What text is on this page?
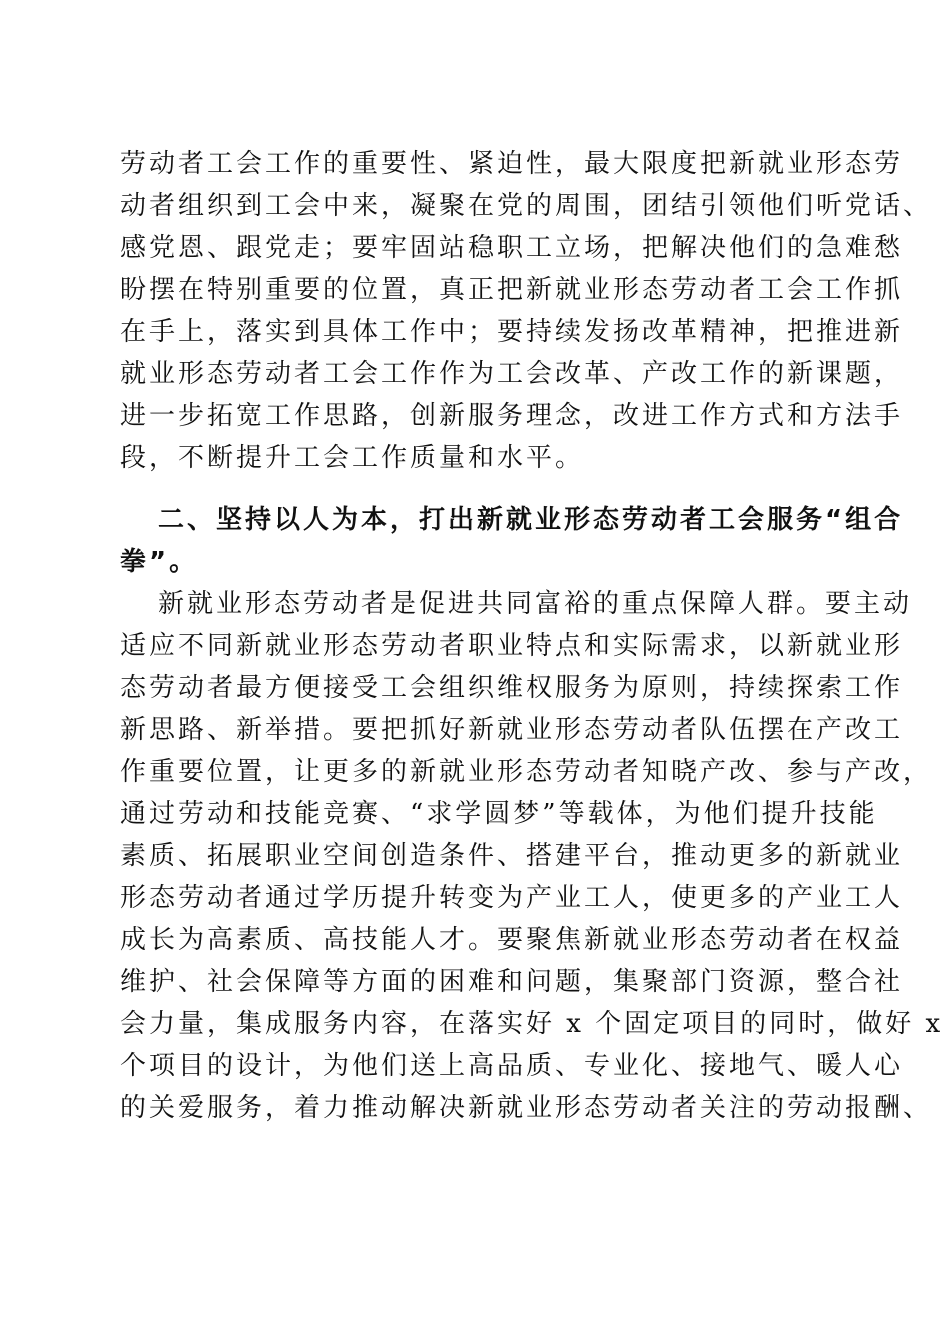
劳动者工会工作的重要性、紧迫性，最大限度把新就业形态劳
动者组织到工会中来，凝聚在党的周围，团结引领他们听党话、
感党恩、跟党走；要牢固站稳职工立场，把解决他们的急难愁
盼摆在特别重要的位置，真正把新就业形态劳动者工会工作抓
在手上，落实到具体工作中；要持续发扬改革精神，把推进新
就业形态劳动者工会工作作为工会改革、产改工作的新课题，
进一步拓宽工作思路，创新服务理念，改进工作方式和方法手
段，不断提升工会工作质量和水平。
二、坚持以人为本，打出新就业形态劳动者工会服务“组合
拳”。
新就业形态劳动者是促进共同富裕的重点保障人群。要主动
适应不同新就业形态劳动者职业特点和实际需求，以新就业形
态劳动者最方便接受工会组织维权服务为原则，持续探索工作
新思路、新举措。要把抓好新就业形态劳动者队伍摆在产改工
作重要位置，让更多的新就业形态劳动者知晓产改、参与产改，
通过劳动和技能竞赛、“求学圆梦”等载体，为他们提升技能
素质、拓展职业空间创造条件、搭建平台，推动更多的新就业
形态劳动者通过学历提升转变为产业工人，使更多的产业工人
成长为高素质、高技能人才。要聚焦新就业形态劳动者在权益
维护、社会保障等方面的困难和问题，集聚部门资源，整合社
会力量，集成服务内容，在落实好 x 个固定项目的同时，做好 x
个项目的设计，为他们送上高品质、专业化、接地气、暖人心
的关爱服务，着力推动解决新就业形态劳动者关注的劳动报酬、
